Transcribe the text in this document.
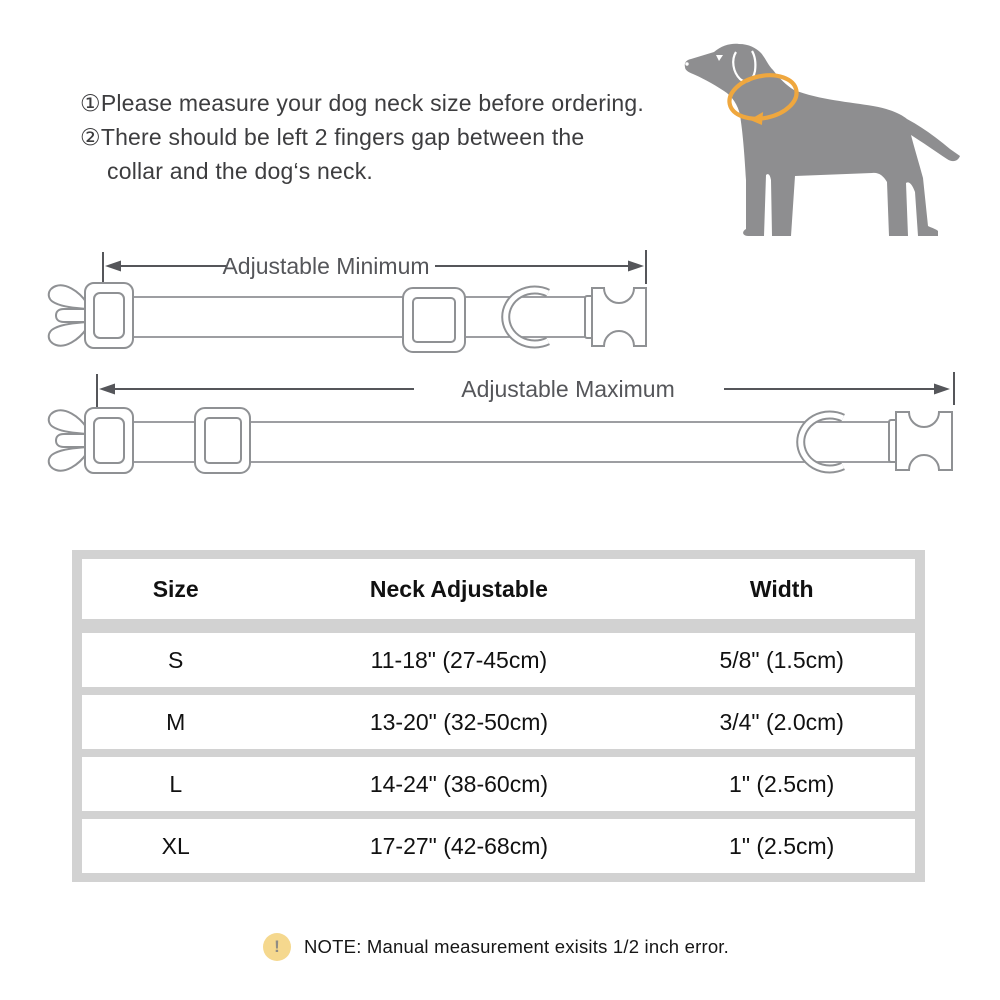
①Please measure your dog neck size before ordering.
②There should be left 2 fingers gap between the
collar and the dog‘s neck.
Adjustable Minimum
Adjustable Maximum
Size	Neck Adjustable	Width
S	11-18" (27-45cm)	5/8" (1.5cm)
M	13-20" (32-50cm)	3/4" (2.0cm)
L	14-24" (38-60cm)	1" (2.5cm)
XL	17-27" (42-68cm)	1" (2.5cm)
!	NOTE: Manual measurement exisits 1/2 inch error.
